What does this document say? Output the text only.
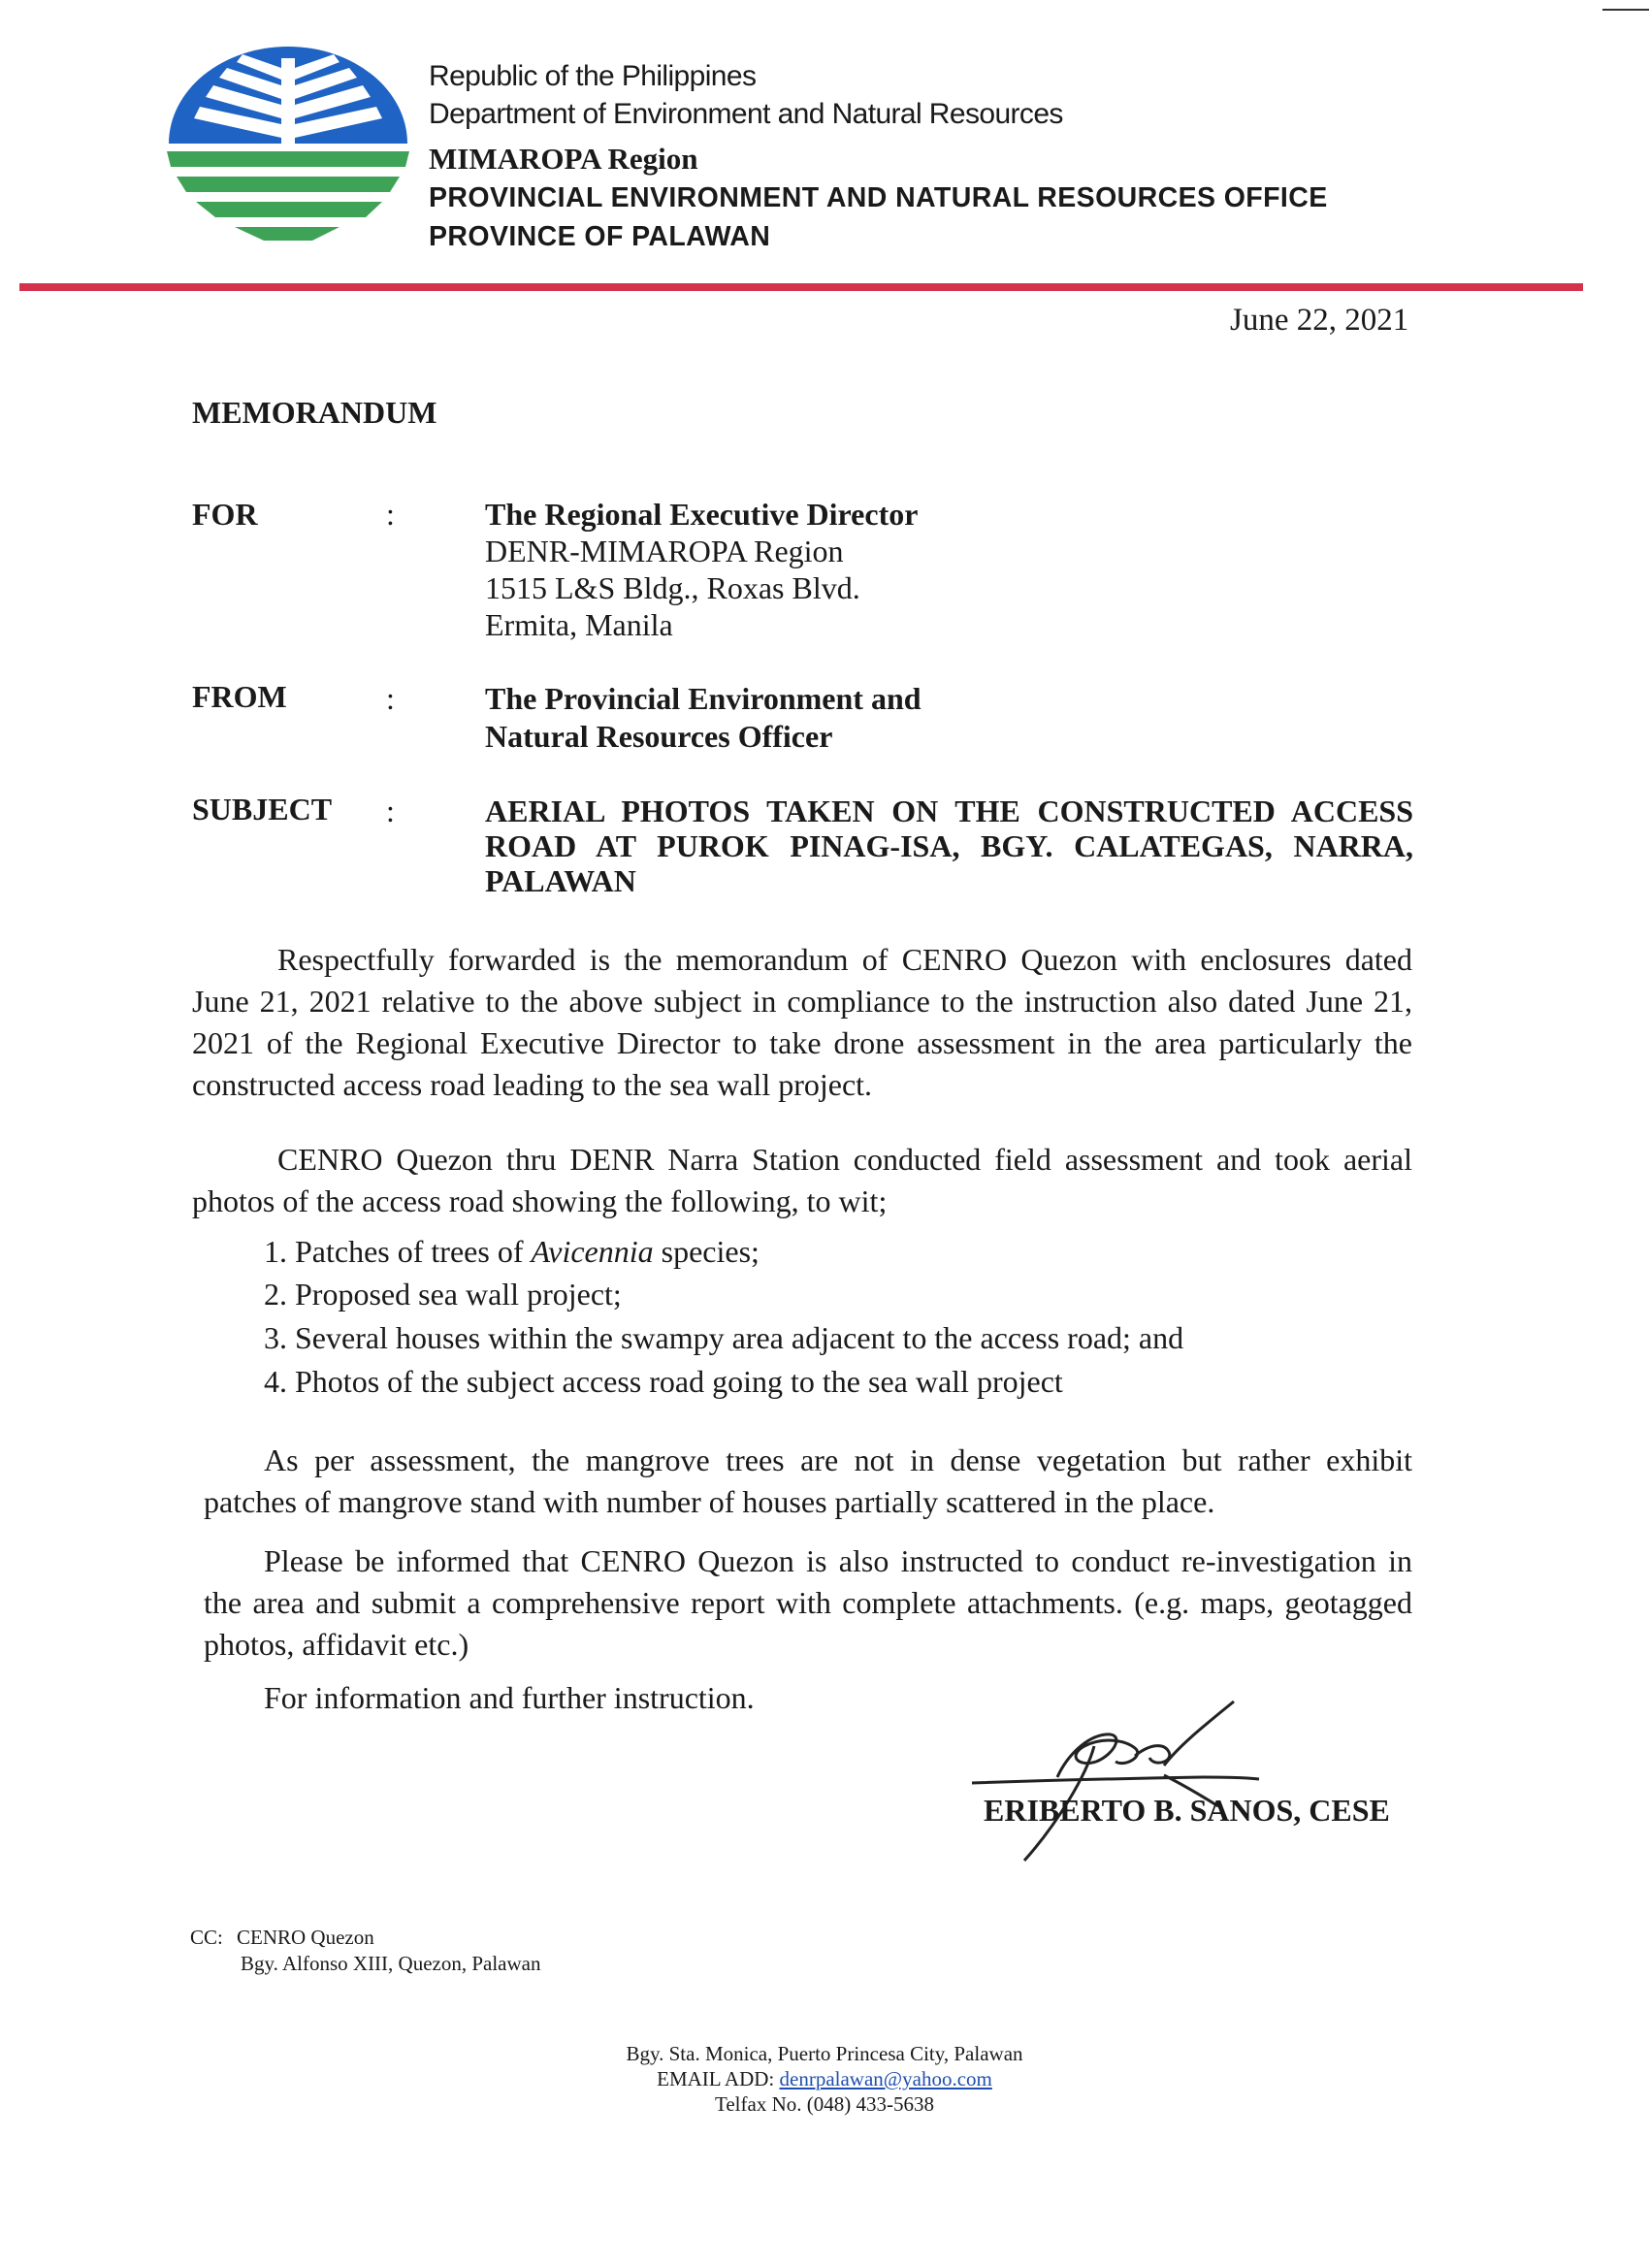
Republic of the Philippines
Department of Environment and Natural Resources
MIMAROPA Region
PROVINCIAL ENVIRONMENT AND NATURAL RESOURCES OFFICE
PROVINCE OF PALAWAN
June 22, 2021
MEMORANDUM
FOR	:	The Regional Executive Director
DENR-MIMAROPA Region
1515 L&S Bldg., Roxas Blvd.
Ermita, Manila
FROM	:	The Provincial Environment and
Natural Resources Officer
SUBJECT :	AERIAL PHOTOS TAKEN ON THE CONSTRUCTED ACCESS
ROAD AT PUROK PINAG-ISA, BGY. CALATEGAS, NARRA,
PALAWAN
Respectfully forwarded is the memorandum of CENRO Quezon with enclosures dated
June 21, 2021 relative to the above subject in compliance to the instruction also dated June 21,
2021 of the Regional Executive Director to take drone assessment in the area particularly the
constructed access road leading to the sea wall project.
CENRO Quezon thru DENR Narra Station conducted field assessment and took aerial
photos of the access road showing the following, to wit;
1. Patches of trees of Avicennia species;
2. Proposed sea wall project;
3. Several houses within the swampy area adjacent to the access road; and
4. Photos of the subject access road going to the sea wall project
As per assessment, the mangrove trees are not in dense vegetation but rather exhibit
patches of mangrove stand with number of houses partially scattered in the place.
Please be informed that CENRO Quezon is also instructed to conduct re-investigation in
the area and submit a comprehensive report with complete attachments. (e.g. maps, geotagged
photos, affidavit etc.)
For information and further instruction.
ERIBERTO B. SANOS, CESE
CC: CENRO Quezon
Bgy. Alfonso XIII, Quezon, Palawan
Bgy. Sta. Monica, Puerto Princesa City, Palawan
EMAIL ADD: denrpalawan@yahoo.com
Telfax No. (048) 433-5638
